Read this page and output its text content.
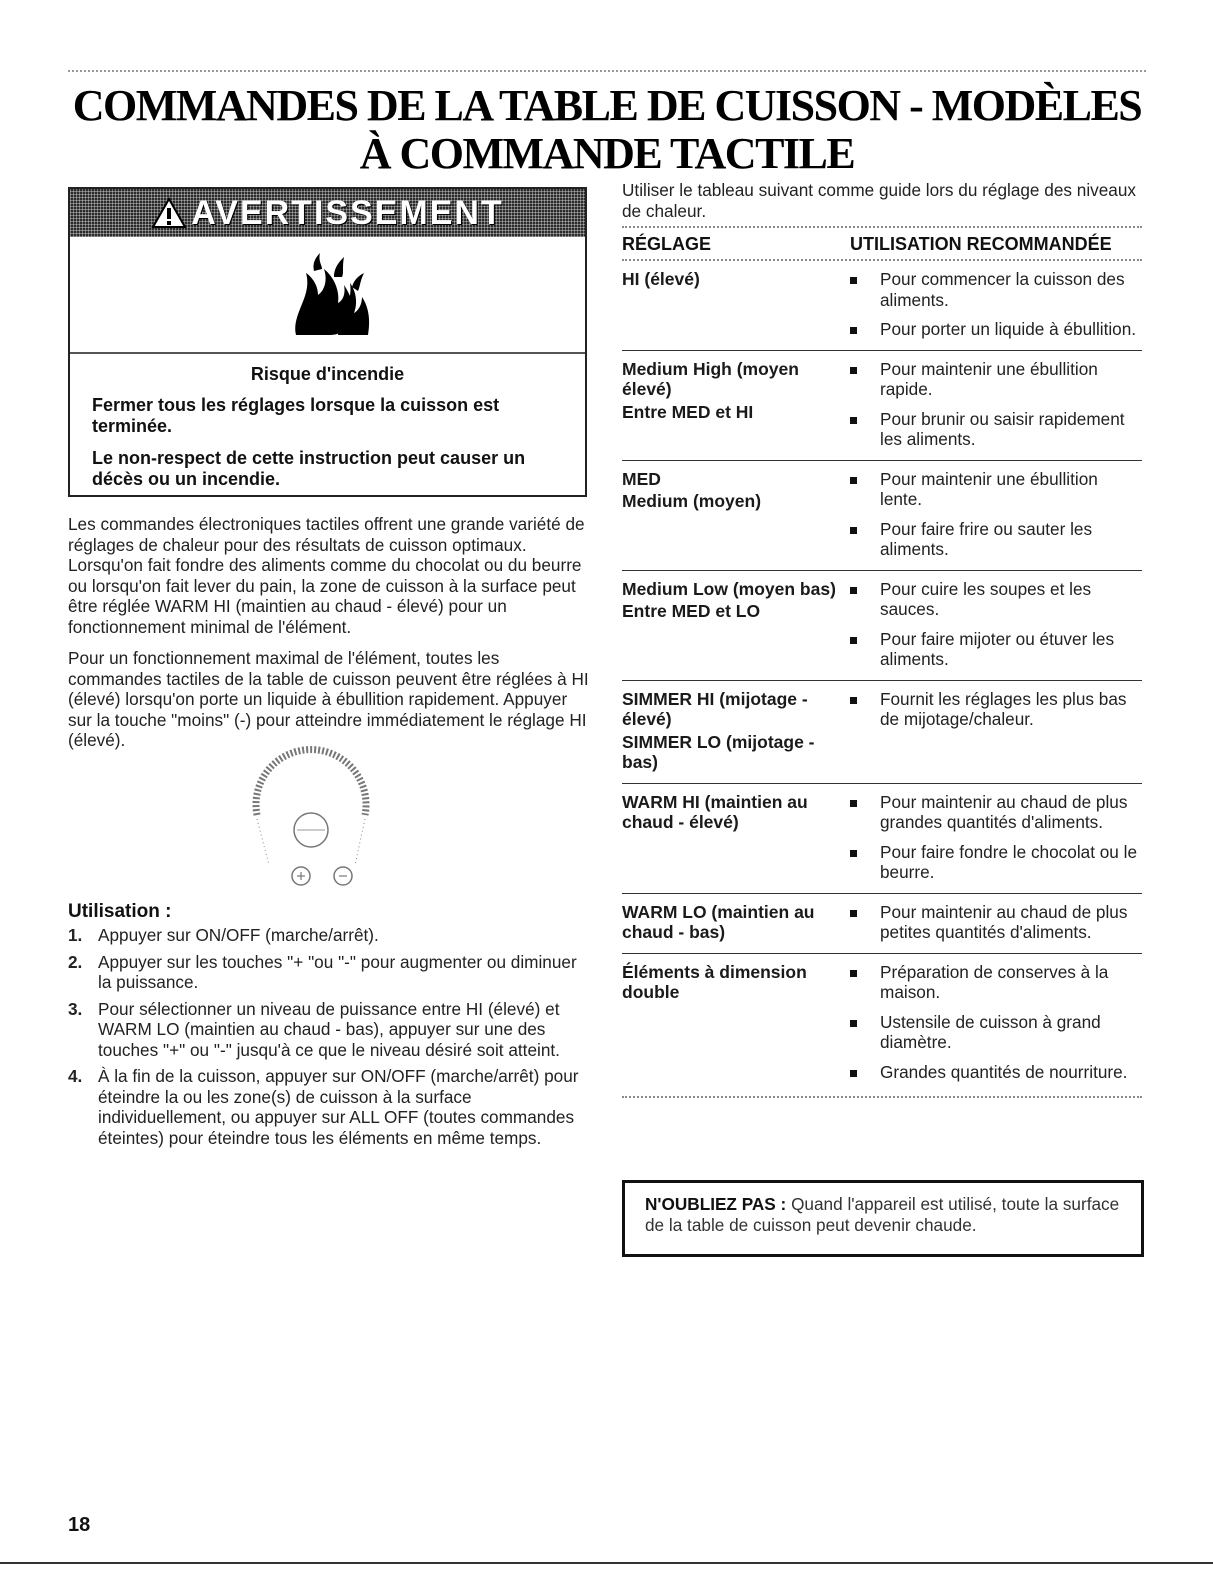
COMMANDES DE LA TABLE DE CUISSON - MODÈLES À COMMANDE TACTILE
AVERTISSEMENT

Risque d'incendie

Fermer tous les réglages lorsque la cuisson est terminée.

Le non-respect de cette instruction peut causer un décès ou un incendie.

Les commandes électroniques tactiles offrent une grande variété de réglages de chaleur pour des résultats de cuisson optimaux. Lorsqu'on fait fondre des aliments comme du chocolat ou du beurre ou lorsqu'on fait lever du pain, la zone de cuisson à la surface peut être réglée WARM HI (maintien au chaud - élevé) pour un fonctionnement minimal de l'élément.

Pour un fonctionnement maximal de l'élément, toutes les commandes tactiles de la table de cuisson peuvent être réglées à HI (élevé) lorsqu'on porte un liquide à ébullition rapidement. Appuyer sur la touche "moins" (-) pour atteindre immédiatement le réglage HI (élevé).

Utilisation :

1. Appuyer sur ON/OFF (marche/arrêt).
2. Appuyer sur les touches "+ "ou "-" pour augmenter ou diminuer la puissance.
3. Pour sélectionner un niveau de puissance entre HI (élevé) et WARM LO (maintien au chaud - bas), appuyer sur une des touches "+" ou "-" jusqu'à ce que le niveau désiré soit atteint.
4. À la fin de la cuisson, appuyer sur ON/OFF (marche/arrêt) pour éteindre la ou les zone(s) de cuisson à la surface individuellement, ou appuyer sur ALL OFF (toutes commandes éteintes) pour éteindre tous les éléments en même temps.

Utiliser le tableau suivant comme guide lors du réglage des niveaux de chaleur.

RÉGLAGE	UTILISATION RECOMMANDÉE
HI (élevé)	Pour commencer la cuisson des aliments.
Pour porter un liquide à ébullition.
Medium High (moyen élevé)
Entre MED et HI
Pour maintenir une ébullition rapide.
Pour brunir ou saisir rapidement les aliments.
MED
Medium (moyen)
Pour maintenir une ébullition lente.
Pour faire frire ou sauter les aliments.
Medium Low (moyen bas)
Entre MED et LO
Pour cuire les soupes et les sauces.
Pour faire mijoter ou étuver les aliments.
SIMMER HI (mijotage - élevé)
SIMMER LO (mijotage - bas)
Fournit les réglages les plus bas de mijotage/chaleur.
WARM HI (maintien au chaud - élevé)
Pour maintenir au chaud de plus grandes quantités d'aliments.
Pour faire fondre le chocolat ou le beurre.
WARM LO (maintien au chaud - bas)
Pour maintenir au chaud de plus petites quantités d'aliments.
Éléments à dimension double
Préparation de conserves à la maison.
Ustensile de cuisson à grand diamètre.
Grandes quantités de nourriture.
N'OUBLIEZ PAS : Quand l'appareil est utilisé, toute la surface de la table de cuisson peut devenir chaude.

18
